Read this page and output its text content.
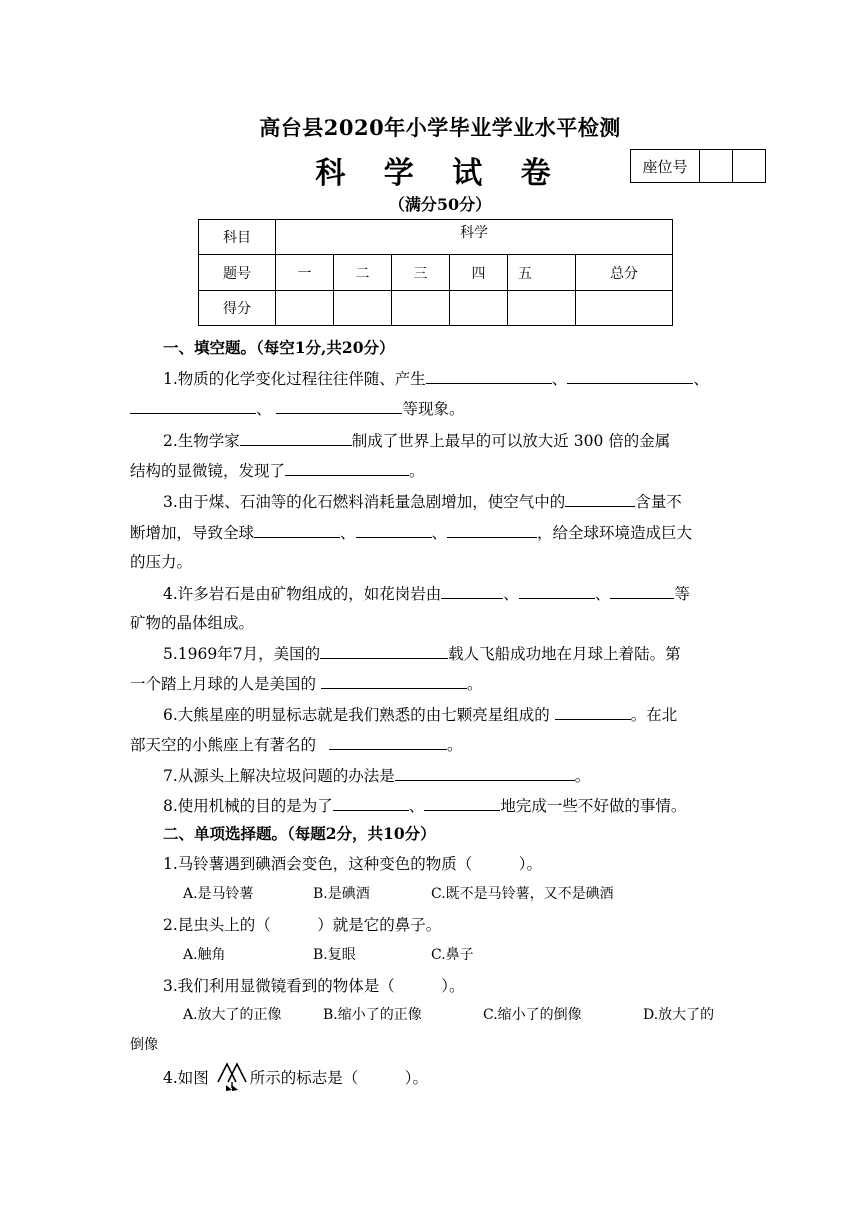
高台县2020年小学毕业学业水平检测
科 学 试 卷
（满分50分）
座位号		
科目	科学					
题号	一	二	三	四	五	总分
得分						
一、填空题。（每空1分,共20分）
1.物质的化学变化过程往往伴随、产生	、	、
、	等现象。
2.生物学家	制成了世界上最早的可以放大近 300 倍的金属
结构的显微镜，发现了	。
3.由于煤、石油等的化石燃料消耗量急剧增加，使空气中的	含量不
断增加，导致全球	、	、	，给全球环境造成巨大
的压力。
4.许多岩石是由矿物组成的，如花岗岩由	、	、	等
矿物的晶体组成。
5.1969年7月，美国的	载人飞船成功地在月球上着陆。第
一个踏上月球的人是美国的	。
6.大熊星座的明显标志就是我们熟悉的由七颗亮星组成的	。在北
部天空的小熊座上有著名的	。
7.从源头上解决垃圾问题的办法是	。
8.使用机械的目的是为了	、	地完成一些不好做的事情。
二、单项选择题。（每题2分，共10分）
1.马铃薯遇到碘酒会变色，这种变色的物质（　　　）。
A.是马铃薯	B.是碘酒	C.既不是马铃薯，又不是碘酒
2.昆虫头上的（　　　）就是它的鼻子。
A.触角	B.复眼	C.鼻子
3.我们利用显微镜看到的物体是（　　　）。
A.放大了的正像	B.缩小了的正像	C.缩小了的倒像	D.放大了的
倒像
4.如图	所示的标志是（　　　）。
